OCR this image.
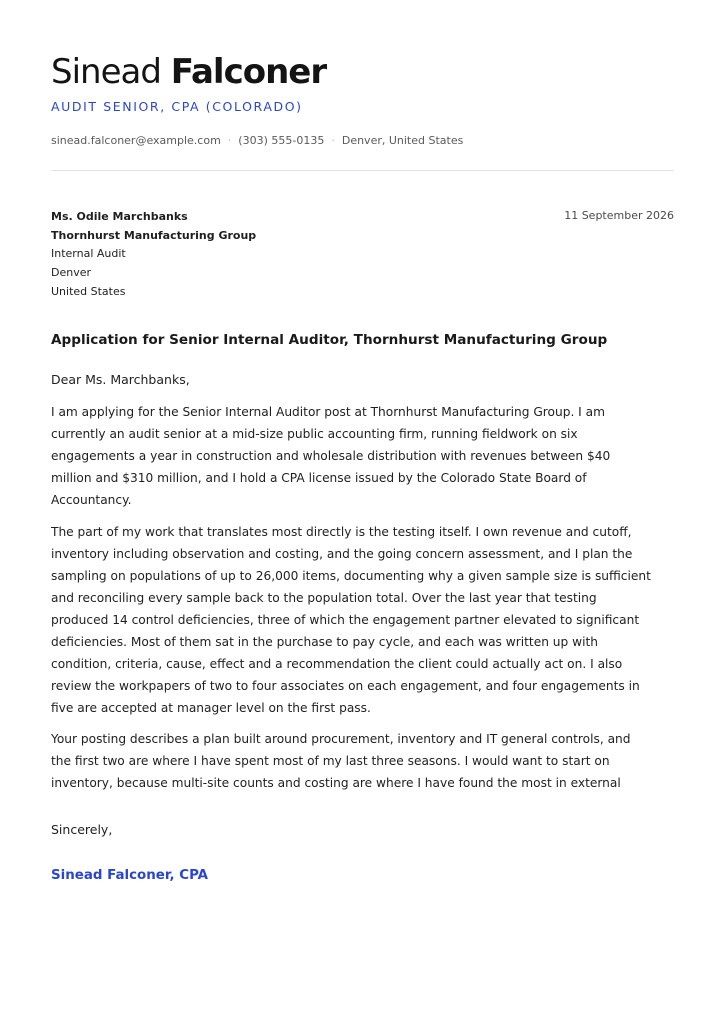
Sinead Falconer
AUDIT SENIOR, CPA (COLORADO)
sinead.falconer@example.com · (303) 555-0135 · Denver, United States
Ms. Odile Marchbanks
Thornhurst Manufacturing Group
Internal Audit
Denver
United States
11 September 2026
Application for Senior Internal Auditor, Thornhurst Manufacturing Group
Dear Ms. Marchbanks,
I am applying for the Senior Internal Auditor post at Thornhurst Manufacturing Group. I am
currently an audit senior at a mid-size public accounting firm, running fieldwork on six
engagements a year in construction and wholesale distribution with revenues between $40
million and $310 million, and I hold a CPA license issued by the Colorado State Board of
Accountancy.
The part of my work that translates most directly is the testing itself. I own revenue and cutoff,
inventory including observation and costing, and the going concern assessment, and I plan the
sampling on populations of up to 26,000 items, documenting why a given sample size is sufficient
and reconciling every sample back to the population total. Over the last year that testing
produced 14 control deficiencies, three of which the engagement partner elevated to significant
deficiencies. Most of them sat in the purchase to pay cycle, and each was written up with
condition, criteria, cause, effect and a recommendation the client could actually act on. I also
review the workpapers of two to four associates on each engagement, and four engagements in
five are accepted at manager level on the first pass.
Your posting describes a plan built around procurement, inventory and IT general controls, and
the first two are where I have spent most of my last three seasons. I would want to start on
inventory, because multi-site counts and costing are where I have found the most in external
Sincerely,
Sinead Falconer, CPA
